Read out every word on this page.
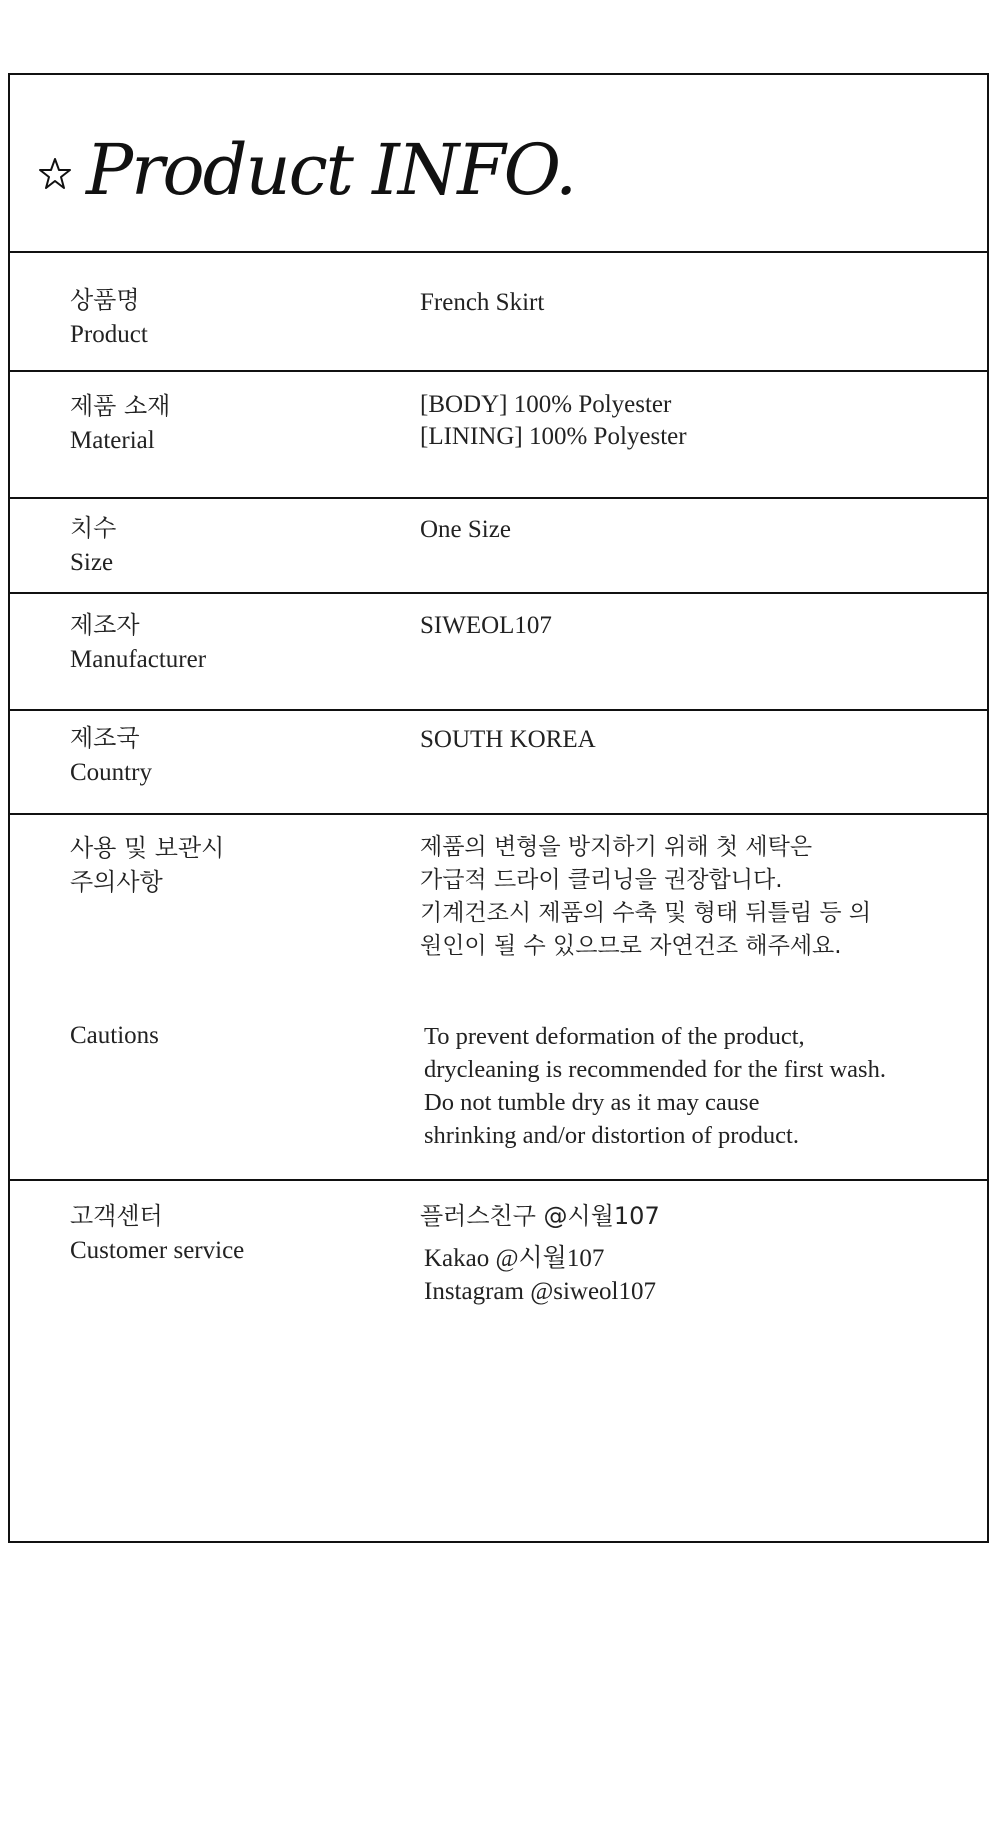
Product INFO.
상품명
Product
French Skirt
제품 소재
Material
[BODY] 100% Polyester
[LINING] 100% Polyester
치수
Size
One Size
제조자
Manufacturer
SIWEOL107
제조국
Country
SOUTH KOREA
사용 및 보관시
주의사항
제품의 변형을 방지하기 위해 첫 세탁은
가급적 드라이 클리닝을 권장합니다.
기계건조시 제품의 수축 및 형태 뒤틀림 등 의
원인이 될 수 있으므로 자연건조 해주세요.
Cautions	To prevent deformation of the product,
drycleaning is recommended for the first wash.
Do not tumble dry as it may cause
shrinking and/or distortion of product.
고객센터
Customer service
플러스친구 @시월107
Kakao @시월107
Instagram @siweol107
